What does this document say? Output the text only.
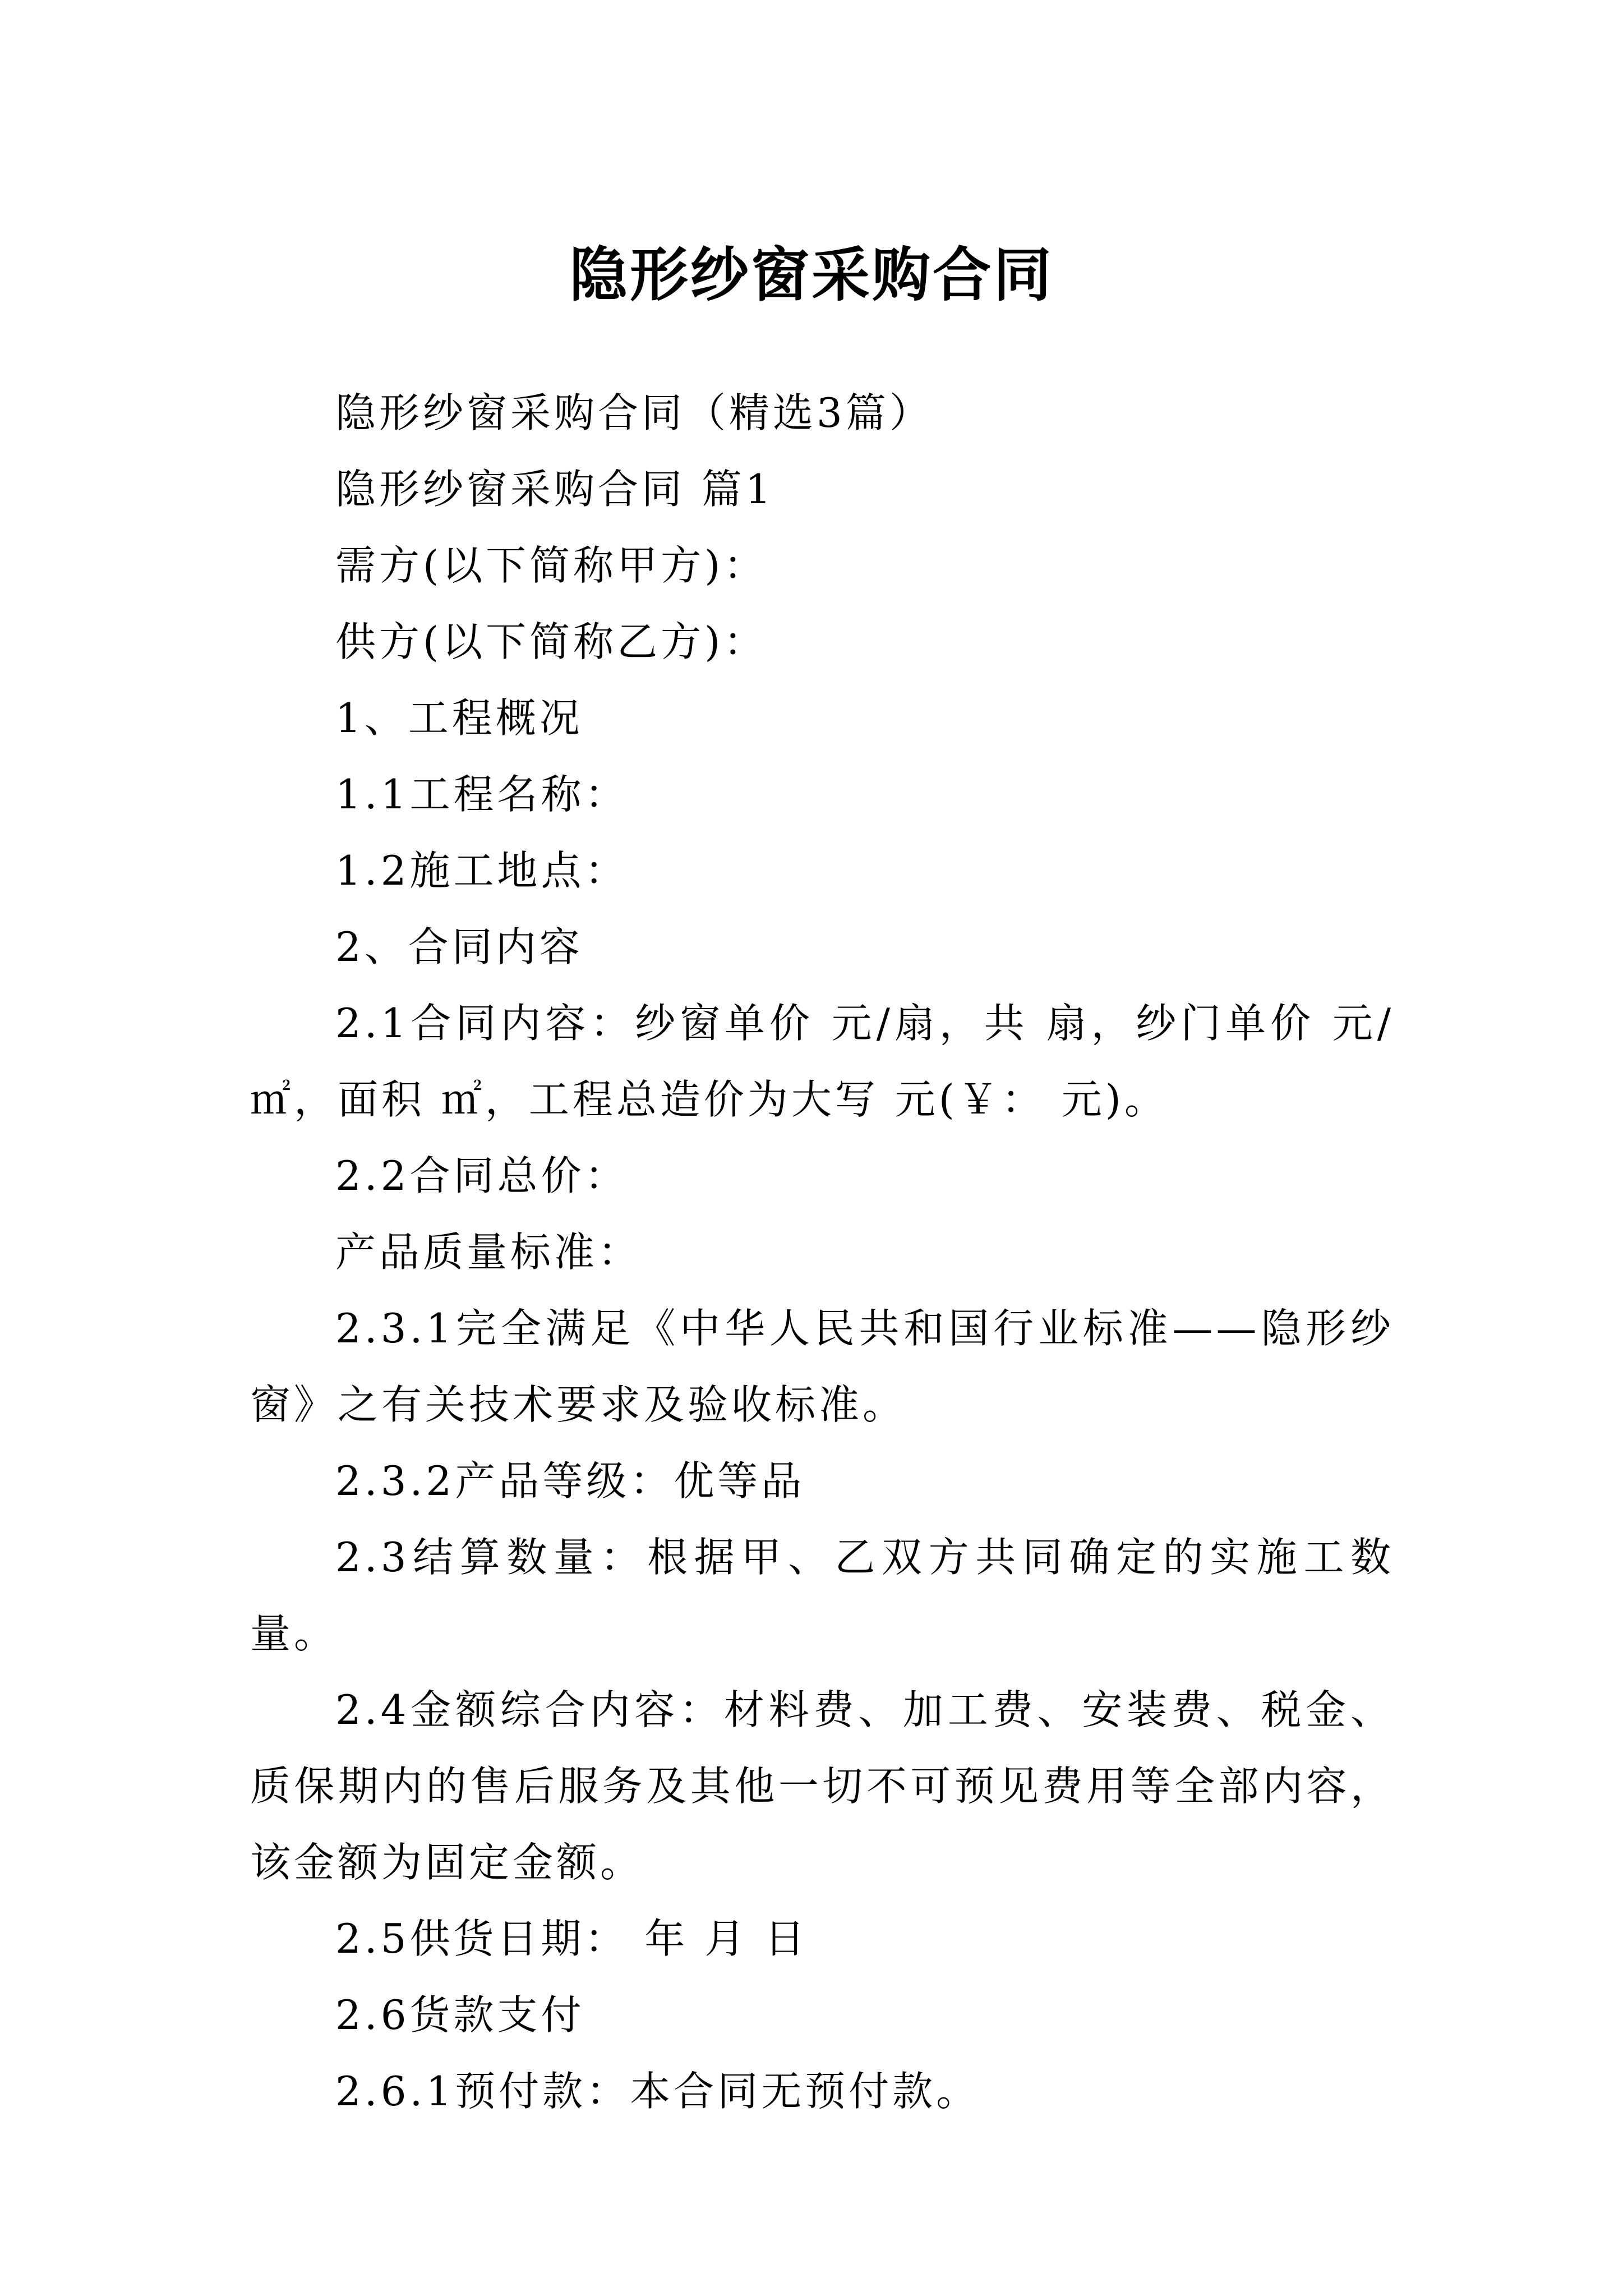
隐形纱窗采购合同

隐形纱窗采购合同（精选3篇）

隐形纱窗采购合同 篇1

需方(以下简称甲方)：

供方(以下简称乙方)：

1、工程概况

1.1工程名称：

1.2施工地点：

2、合同内容

2.1合同内容：纱窗单价 元/扇，共 扇，纱门单价 元/㎡，面积 ㎡，工程总造价为大写 元(￥： 元)。

2.2合同总价：

产品质量标准：

2.3.1完全满足《中华人民共和国行业标准——隐形纱窗》之有关技术要求及验收标准。

2.3.2产品等级：优等品

2.3结算数量：根据甲、乙双方共同确定的实施工数量。

2.4金额综合内容：材料费、加工费、安装费、税金、质保期内的售后服务及其他一切不可预见费用等全部内容，该金额为固定金额。

2.5供货日期： 年 月 日

2.6货款支付

2.6.1预付款：本合同无预付款。
